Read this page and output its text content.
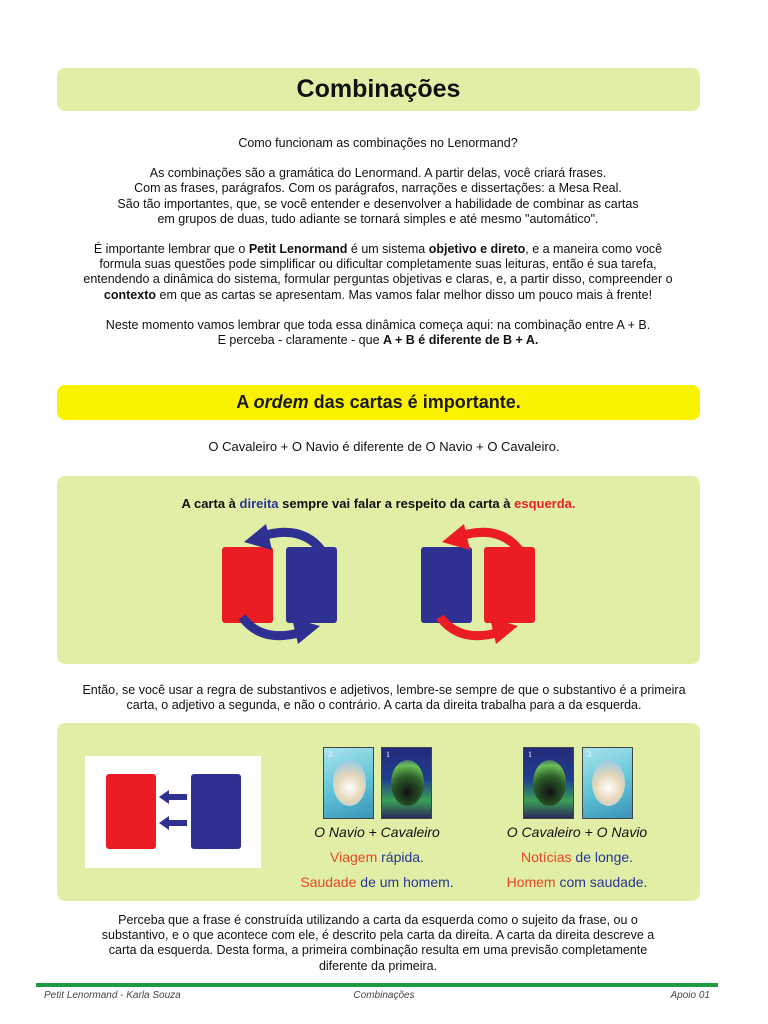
Combinações

Como funcionam as combinações no Lenormand?

As combinações são a gramática do Lenormand. A partir delas, você criará frases.
Com as frases, parágrafos. Com os parágrafos, narrações e dissertações: a Mesa Real.
São tão importantes, que, se você entender e desenvolver a habilidade de combinar as cartas
em grupos de duas, tudo adiante se tornará simples e até mesmo "automático".

É importante lembrar que o Petit Lenormand é um sistema objetivo e direto, e a maneira como você
formula suas questões pode simplificar ou dificultar completamente suas leituras, então é sua tarefa,
entendendo a dinâmica do sistema, formular perguntas objetivas e claras, e, a partir disso, compreender o
contexto em que as cartas se apresentam. Mas vamos falar melhor disso um pouco mais à frente!

Neste momento vamos lembrar que toda essa dinâmica começa aqui: na combinação entre A + B.
E perceba - claramente - que A + B é diferente de B + A.

A ordem das cartas é importante.
O Cavaleiro + O Navio é diferente de O Navio + O Cavaleiro.
A carta à direita sempre vai falar a respeito da carta à esquerda.
Então, se você usar a regra de substantivos e adjetivos, lembre-se sempre de que o substantivo é a primeira
carta, o adjetivo a segunda, e não o contrário. A carta da direita trabalha para a da esquerda.
3	1
O Navio + Cavaleiro
Viagem rápida.
Saudade de um homem.
1	3
O Cavaleiro + O Navio
Notícias de longe.
Homem com saudade.
Perceba que a frase é construída utilizando a carta da esquerda como o sujeito da frase, ou o
substantivo, e o que acontece com ele, é descrito pela carta da direita. A carta da direita descreve a
carta da esquerda. Desta forma, a primeira combinação resulta em uma previsão completamente
diferente da primeira.
Petit Lenormand - Karla Souza	Combinações	Apoio 01
